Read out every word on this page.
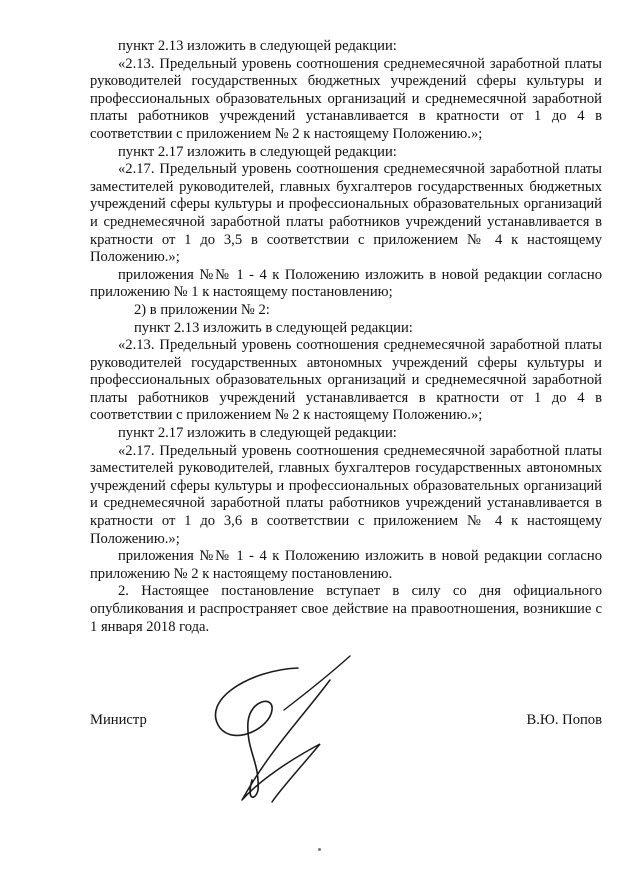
пункт 2.13 изложить в следующей редакции:

«2.13. Предельный уровень соотношения среднемесячной заработной платы руководителей государственных бюджетных учреждений сферы культуры и профессиональных образовательных организаций и среднемесячной заработной платы работников учреждений устанавливается в кратности от 1 до 4 в соответствии с приложением № 2 к настоящему Положению.»;

пункт 2.17 изложить в следующей редакции:

«2.17. Предельный уровень соотношения среднемесячной заработной платы заместителей руководителей, главных бухгалтеров государственных бюджетных учреждений сферы культуры и профессиональных образовательных организаций и среднемесячной заработной платы работников учреждений устанавливается в кратности от 1 до 3,5 в соответствии с приложением № 4 к настоящему Положению.»;

приложения №№ 1 - 4 к Положению изложить в новой редакции согласно приложению № 1 к настоящему постановлению;

2) в приложении № 2:

пункт 2.13 изложить в следующей редакции:

«2.13. Предельный уровень соотношения среднемесячной заработной платы руководителей государственных автономных учреждений сферы культуры и профессиональных образовательных организаций и среднемесячной заработной платы работников учреждений устанавливается в кратности от 1 до 4 в соответствии с приложением № 2 к настоящему Положению.»;

пункт 2.17 изложить в следующей редакции:

«2.17. Предельный уровень соотношения среднемесячной заработной платы заместителей руководителей, главных бухгалтеров государственных автономных учреждений сферы культуры и профессиональных образовательных организаций и среднемесячной заработной платы работников учреждений устанавливается в кратности от 1 до 3,6 в соответствии с приложением № 4 к настоящему Положению.»;

приложения №№ 1 - 4 к Положению изложить в новой редакции согласно приложению № 2 к настоящему постановлению.

2. Настоящее постановление вступает в силу со дня официального опубликования и распространяет свое действие на правоотношения, возникшие с 1 января 2018 года.

Министр	В.Ю. Попов
